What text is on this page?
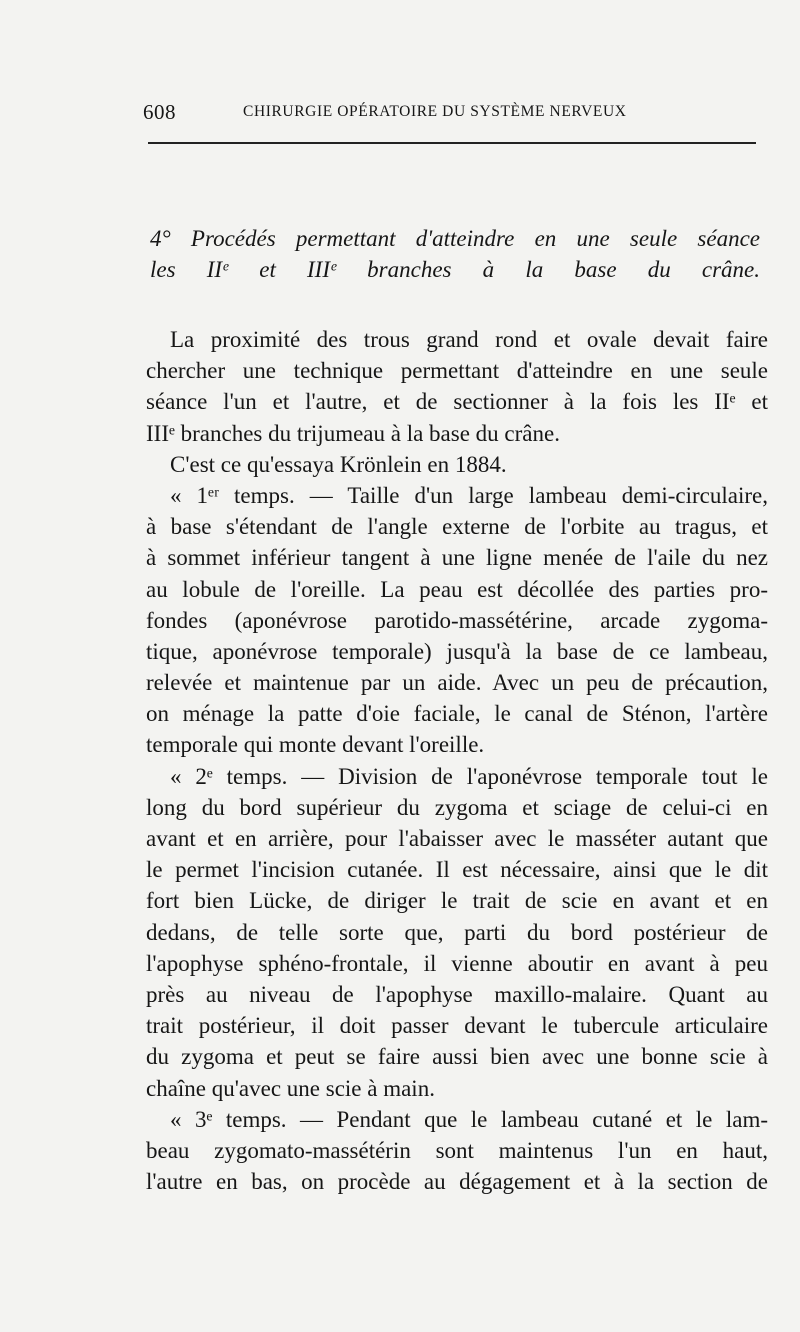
608	CHIRURGIE OPÉRATOIRE DU SYSTÈME NERVEUX
4° Procédés permettant d'atteindre en une seule séance
les IIᵉ et IIIᵉ branches à la base du crâne.
La proximité des trous grand rond et ovale devait faire
chercher une technique permettant d'atteindre en une seule
séance l'un et l'autre, et de sectionner à la fois les IIᵉ et
IIIᵉ branches du trijumeau à la base du crâne.
C'est ce qu'essaya Krönlein en 1884.
« 1ᵉʳ temps. — Taille d'un large lambeau demi-circulaire,
à base s'étendant de l'angle externe de l'orbite au tragus, et
à sommet inférieur tangent à une ligne menée de l'aile du nez
au lobule de l'oreille. La peau est décollée des parties pro-
fondes (aponévrose parotido-massétérine, arcade zygoma-
tique, aponévrose temporale) jusqu'à la base de ce lambeau,
relevée et maintenue par un aide. Avec un peu de précaution,
on ménage la patte d'oie faciale, le canal de Sténon, l'artère
temporale qui monte devant l'oreille.
« 2ᵉ temps. — Division de l'aponévrose temporale tout le
long du bord supérieur du zygoma et sciage de celui-ci en
avant et en arrière, pour l'abaisser avec le masséter autant que
le permet l'incision cutanée. Il est nécessaire, ainsi que le dit
fort bien Lücke, de diriger le trait de scie en avant et en
dedans, de telle sorte que, parti du bord postérieur de
l'apophyse sphéno-frontale, il vienne aboutir en avant à peu
près au niveau de l'apophyse maxillo-malaire. Quant au
trait postérieur, il doit passer devant le tubercule articulaire
du zygoma et peut se faire aussi bien avec une bonne scie à
chaîne qu'avec une scie à main.
« 3ᵉ temps. — Pendant que le lambeau cutané et le lam-
beau zygomato-massétérin sont maintenus l'un en haut,
l'autre en bas, on procède au dégagement et à la section de
